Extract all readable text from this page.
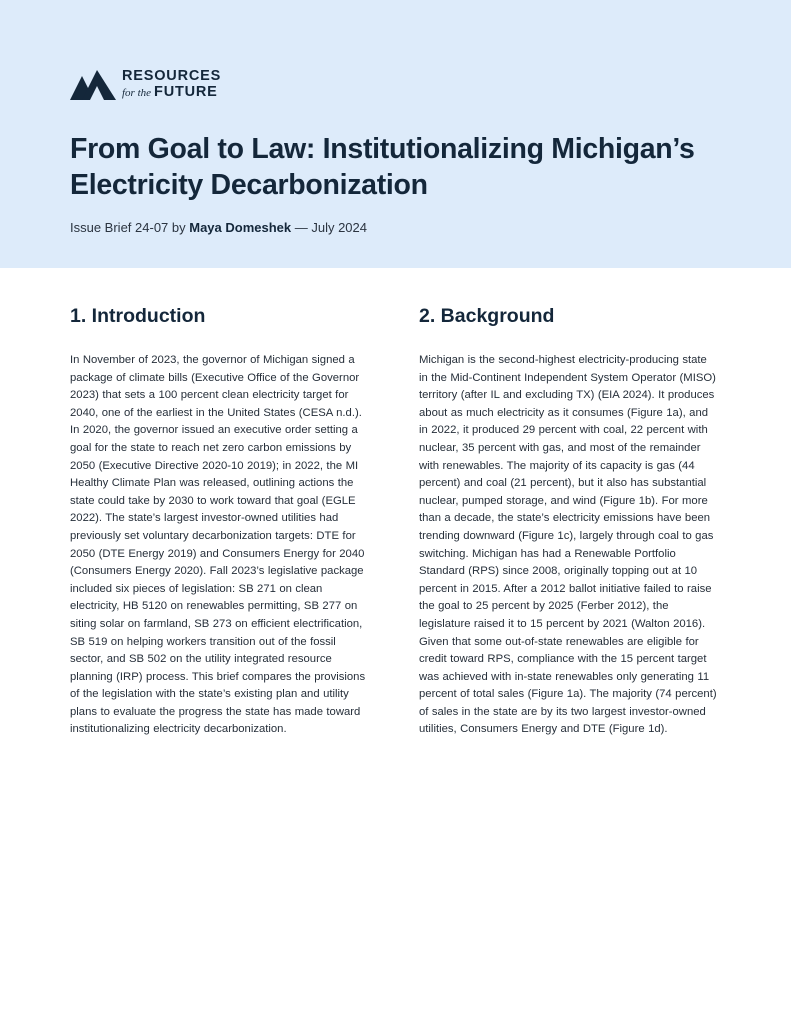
RESOURCES
for the FUTURE
From Goal to Law: Institutionalizing Michigan’s Electricity Decarbonization
Issue Brief 24-07 by Maya Domeshek — July 2024
1. Introduction

In November of 2023, the governor of Michigan signed a package of climate bills (Executive Office of the Governor 2023) that sets a 100 percent clean electricity target for 2040, one of the earliest in the United States (CESA n.d.). In 2020, the governor issued an executive order setting a goal for the state to reach net zero carbon emissions by 2050 (Executive Directive 2020-10 2019); in 2022, the MI Healthy Climate Plan was released, outlining actions the state could take by 2030 to work toward that goal (EGLE 2022). The state’s largest investor-owned utilities had previously set voluntary decarbonization targets: DTE for 2050 (DTE Energy 2019) and Consumers Energy for 2040 (Consumers Energy 2020). Fall 2023’s legislative package included six pieces of legislation: SB 271 on clean electricity, HB 5120 on renewables permitting, SB 277 on siting solar on farmland, SB 273 on efficient electrification, SB 519 on helping workers transition out of the fossil sector, and SB 502 on the utility integrated resource planning (IRP) process. This brief compares the provisions of the legislation with the state’s existing plan and utility plans to evaluate the progress the state has made toward institutionalizing electricity decarbonization.

2. Background

Michigan is the second-highest electricity-producing state in the Mid-Continent Independent System Operator (MISO) territory (after IL and excluding TX) (EIA 2024). It produces about as much electricity as it consumes (Figure 1a), and in 2022, it produced 29 percent with coal, 22 percent with nuclear, 35 percent with gas, and most of the remainder with renewables. The majority of its capacity is gas (44 percent) and coal (21 percent), but it also has substantial nuclear, pumped storage, and wind (Figure 1b). For more than a decade, the state’s electricity emissions have been trending downward (Figure 1c), largely through coal to gas switching. Michigan has had a Renewable Portfolio Standard (RPS) since 2008, originally topping out at 10 percent in 2015. After a 2012 ballot initiative failed to raise the goal to 25 percent by 2025 (Ferber 2012), the legislature raised it to 15 percent by 2021 (Walton 2016). Given that some out-of-state renewables are eligible for credit toward RPS, compliance with the 15 percent target was achieved with in-state renewables only generating 11 percent of total sales (Figure 1a). The majority (74 percent) of sales in the state are by its two largest investor-owned utilities, Consumers Energy and DTE (Figure 1d).
